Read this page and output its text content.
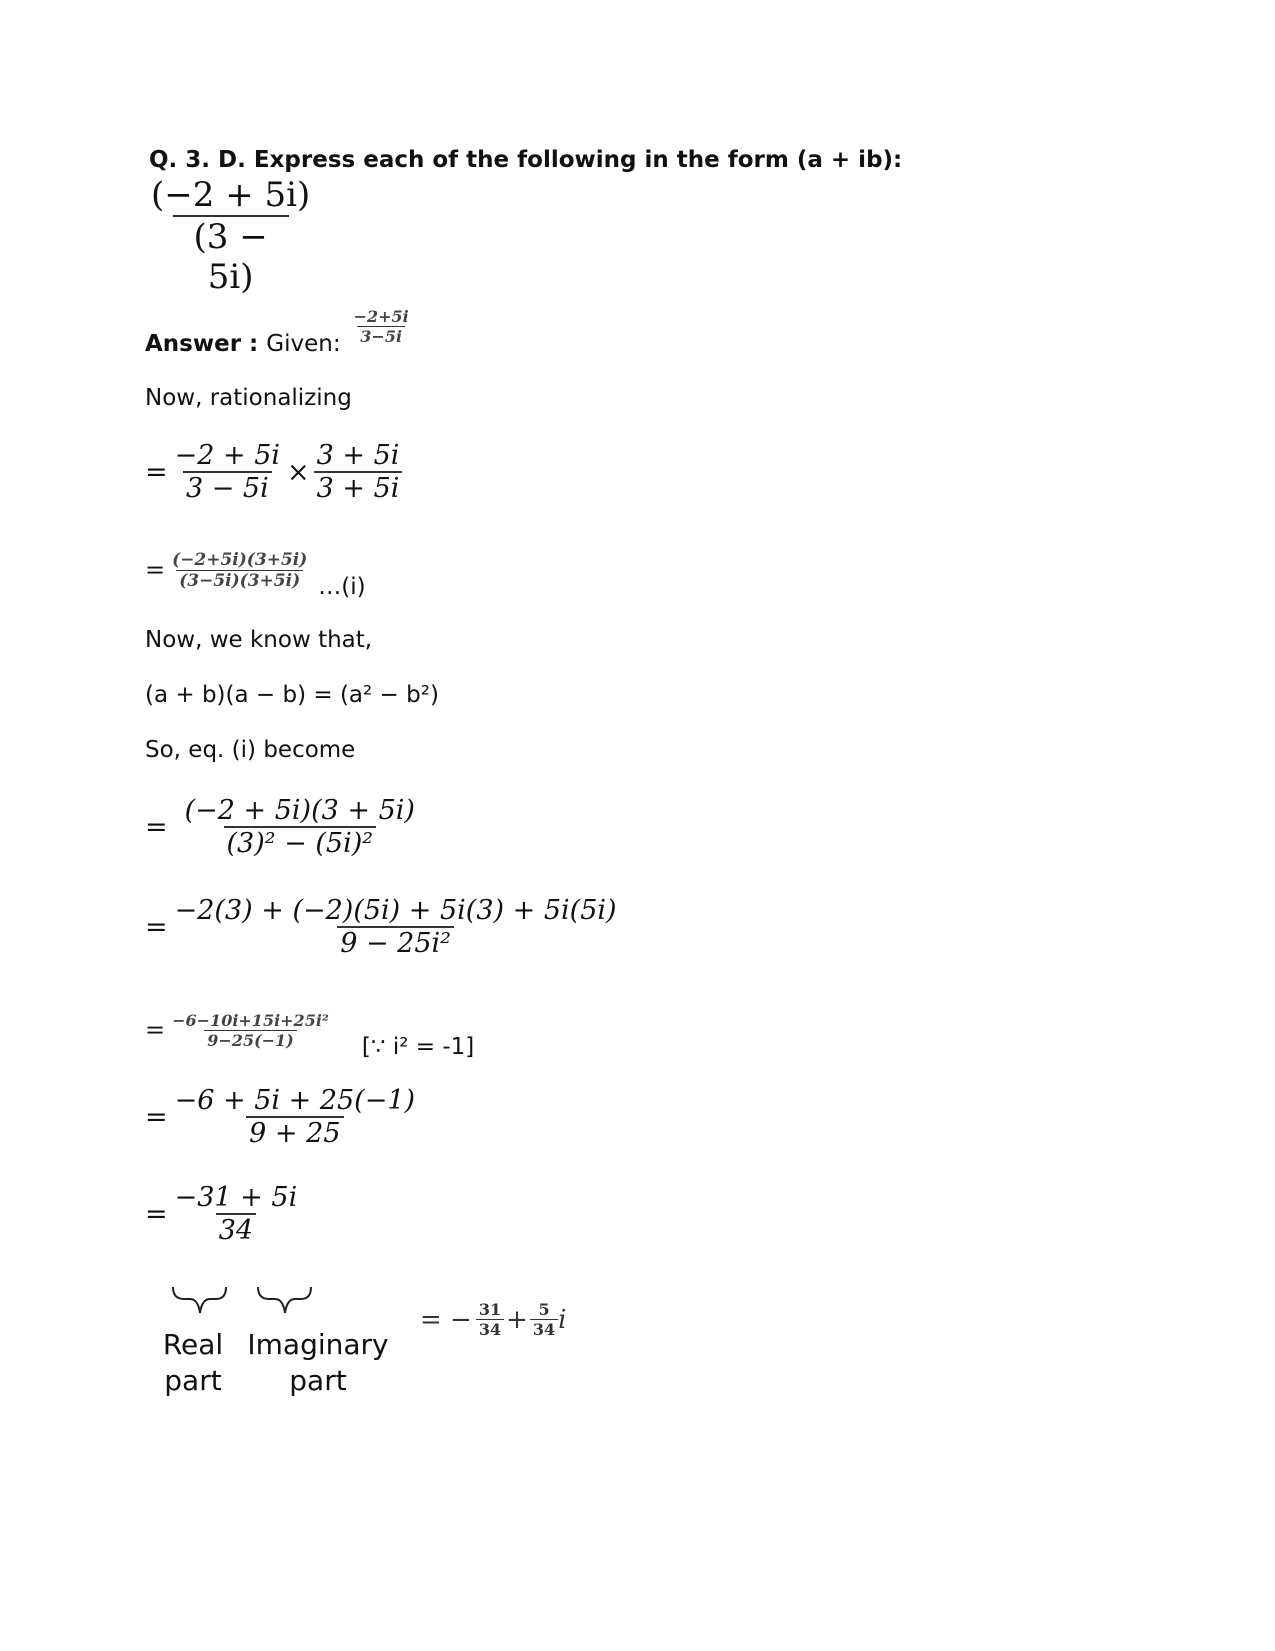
Q. 3. D. Express each of the following in the form (a + ib):
$\frac{(-2 + 5i)}{(3 - 5i)}$
Answer : Given: $\frac{-2+5i}{3-5i}$
Now, rationalizing
= $\frac{-2 + 5i}{3 - 5i} \times \frac{3 + 5i}{3 + 5i}$
= $\frac{(-2+5i)(3+5i)}{(3-5i)(3+5i)}$ …(i)
Now, we know that,
(a + b)(a − b) = (a² − b²)
So, eq. (i) become
= $\frac{(-2 + 5i)(3 + 5i)}{\text{(3)² − (5i)²}}$
= $\frac{-2(3) + (-2)(5i) + 5i(3) + 5i(5i)}{\text{9 − 25i²}}$
= $\frac{\text{−6−10i+15i+25i²}}{9-25(-1)}$ [∵ i² = -1]
= $\frac{-6 + 5i + 25(-1)}{9 + 25}$
= $\frac{-31 + 5i}{34}$
Real
part
Imaginary
part
= − $\frac{31}{34} + \frac{5}{34}$ i
